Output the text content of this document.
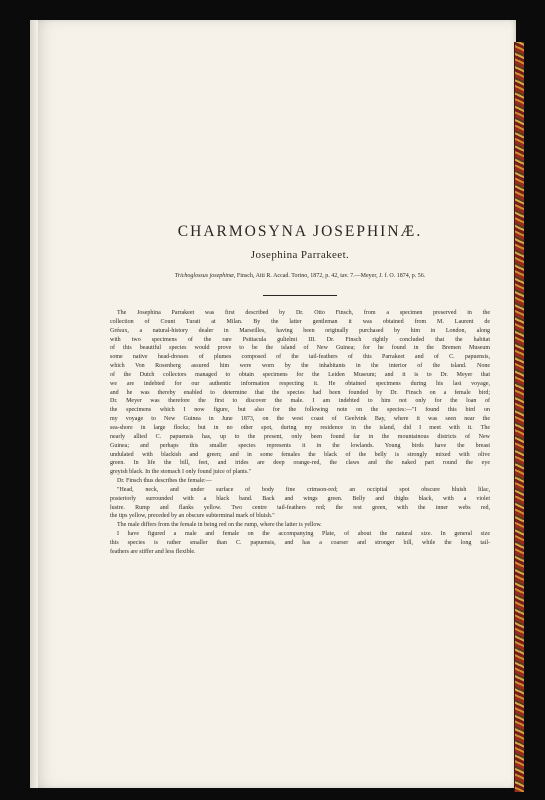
CHARMOSYNA JOSEPHINÆ.
Josephina Parrakeet.
Trichoglossus josephinæ, Finsch, Atti R. Accad. Torino, 1872, p. 42, tav. 7.—Meyer, J. f. O. 1874, p. 56.
The Josephina Parrakeet was first described by Dr. Otto Finsch, from a specimen preserved in the
collection of Count Turati at Milan. By the latter gentleman it was obtained from M. Laurent de
Grésux, a natural-history dealer in Marseilles, having been originally purchased by him in London, along
with two specimens of the rare Psittacula gulielmi III. Dr. Finsch rightly concluded that the habitat
of this beautiful species would prove to be the island of New Guinea; for he found in the Bremen Museum
some native head-dresses of plumes composed of the tail-feathers of this Parrakeet and of C. papuensis,
which Von Rosenberg assured him were worn by the inhabitants in the interior of the island. None
of the Dutch collectors managed to obtain specimens for the Leiden Museum; and it is to Dr. Meyer that
we are indebted for our authentic information respecting it. He obtained specimens during his last voyage,
and he was thereby enabled to determine that the species had been founded by Dr. Finsch on a female bird;
Dr. Meyer was therefore the first to discover the male. I am indebted to him not only for the loan of
the specimens which I now figure, but also for the following note on the species:—"I found this bird on
my voyage to New Guinea in June 1873, on the west coast of Geelvink Bay, where it was seen near the
sea-shore in large flocks; but in no other spot, during my residence in the island, did I meet with it. The
nearly allied C. papuensis has, up to the present, only been found far in the mountainous districts of New
Guinea; and perhaps this smaller species represents it in the lowlands. Young birds have the breast
undulated with blackish and green; and in some females the black of the belly is strongly mixed with olive
green. In life the bill, feet, and irides are deep orange-red, the claws and the naked part round the eye
greyish black. In the stomach I only found juice of plants."
Dr. Finsch thus describes the female:—
"Head, neck, and under surface of body fine crimson-red; an occipital spot obscure bluish lilac,
posteriorly surrounded with a black band. Back and wings green. Belly and thighs black, with a violet
lustre. Rump and flanks yellow. Two centre tail-feathers red; the rest green, with the inner webs red,
the tips yellow, preceded by an obscure subterminal mark of bluish."
The male differs from the female in being red on the rump, where the latter is yellow.
I have figured a male and female on the accompanying Plate, of about the natural size. In general size
this species is rather smaller than C. papuensis, and has a coarser and stronger bill, while the long tail-
feathers are stiffer and less flexible.
